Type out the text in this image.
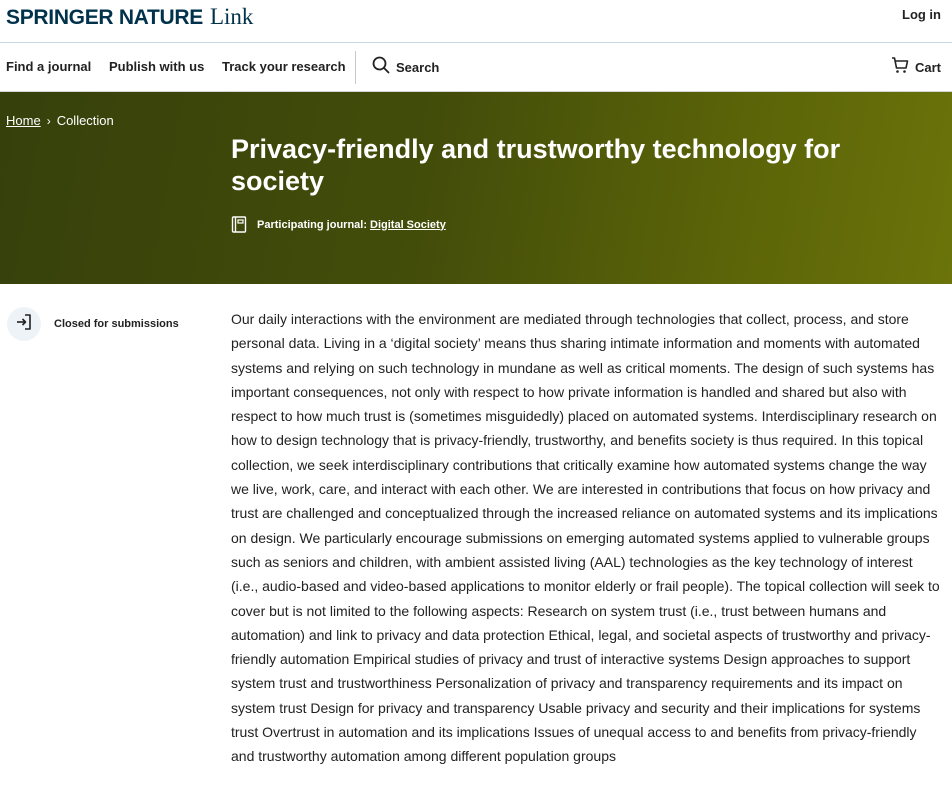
SPRINGER NATURE Link	Log in
Find a journal Publish with us Track your research	Search	Cart
Home › Collection
Privacy-friendly and trustworthy technology for society
Participating journal: Digital Society
Closed for submissions	Our daily interactions with the environment are mediated through technologies that collect, process, and store personal data. Living in a ‘digital society’ means thus sharing intimate information and moments with automated systems and relying on such technology in mundane as well as critical moments. The design of such systems has important consequences, not only with respect to how private information is handled and shared but also with respect to how much trust is (sometimes misguidedly) placed on automated systems. Interdisciplinary research on how to design technology that is privacy-friendly, trustworthy, and benefits society is thus required. In this topical collection, we seek interdisciplinary contributions that critically examine how automated systems change the way we live, work, care, and interact with each other. We are interested in contributions that focus on how privacy and trust are challenged and conceptualized through the increased reliance on automated systems and its implications on design. We particularly encourage submissions on emerging automated systems applied to vulnerable groups such as seniors and children, with ambient assisted living (AAL) technologies as the key technology of interest (i.e., audio-based and video-based applications to monitor elderly or frail people). The topical collection will seek to cover but is not limited to the following aspects: Research on system trust (i.e., trust between humans and automation) and link to privacy and data protection Ethical, legal, and societal aspects of trustworthy and privacy-friendly automation Empirical studies of privacy and trust of interactive systems Design approaches to support system trust and trustworthiness Personalization of privacy and transparency requirements and its impact on system trust Design for privacy and transparency Usable privacy and security and their implications for systems trust Overtrust in automation and its implications Issues of unequal access to and benefits from privacy-friendly and trustworthy automation among different population groups
